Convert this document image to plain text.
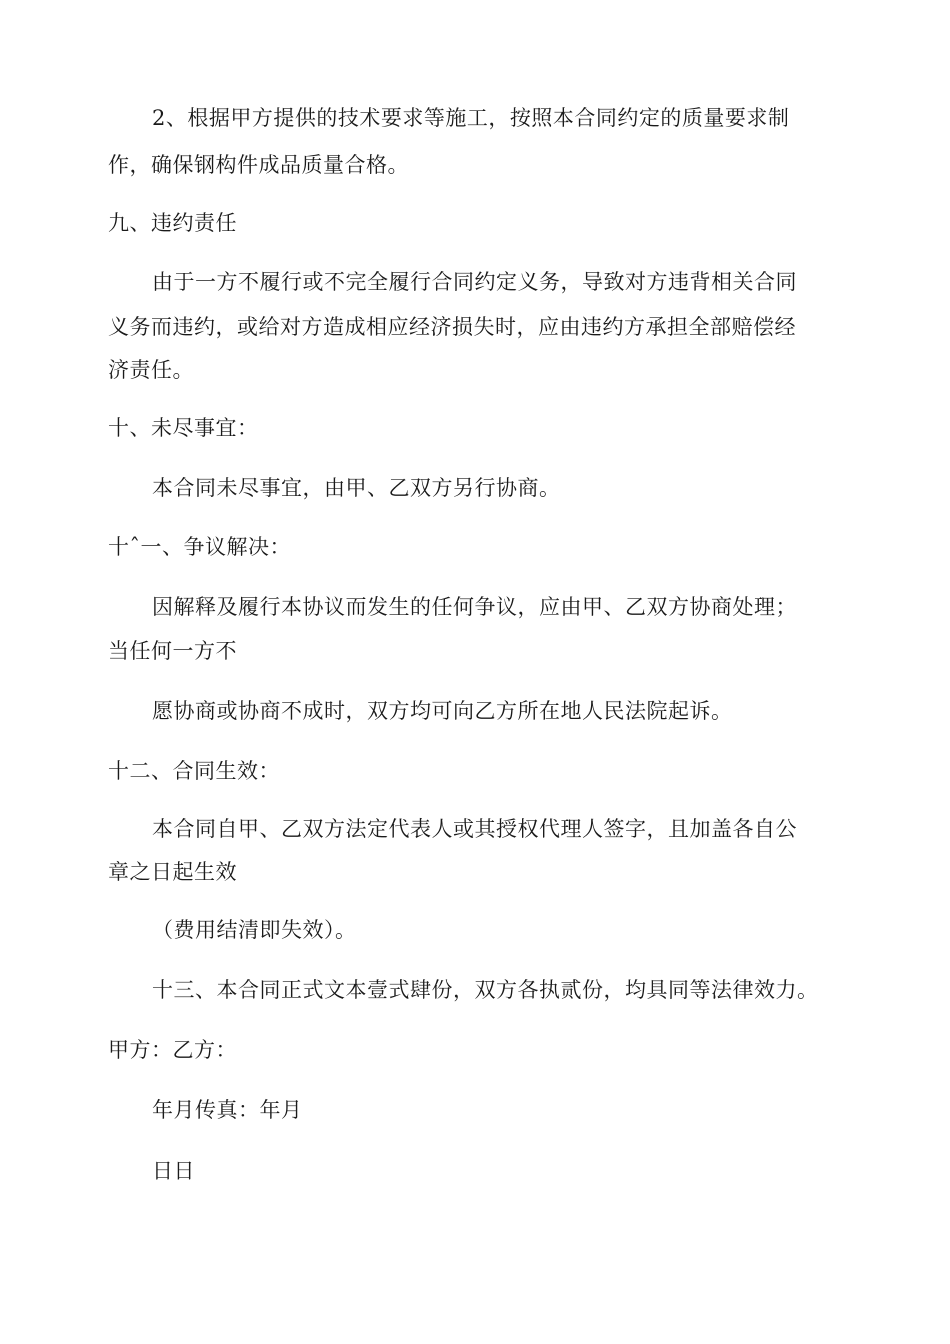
2、根据甲方提供的技术要求等施工，按照本合同约定的质量要求制
作，确保钢构件成品质量合格。
九、违约责任
由于一方不履行或不完全履行合同约定义务，导致对方违背相关合同
义务而违约，或给对方造成相应经济损失时，应由违约方承担全部赔偿经
济责任。
十、未尽事宜：
本合同未尽事宜，由甲、乙双方另行协商。
十ˆ一、争议解决：
因解释及履行本协议而发生的任何争议，应由甲、乙双方协商处理；
当任何一方不
愿协商或协商不成时，双方均可向乙方所在地人民法院起诉。
十二、合同生效：
本合同自甲、乙双方法定代表人或其授权代理人签字，且加盖各自公
章之日起生效
（费用结清即失效）。
十三、本合同正式文本壹式肆份，双方各执贰份，均具同等法律效力。
甲方：乙方：
年月传真：年月
日日
